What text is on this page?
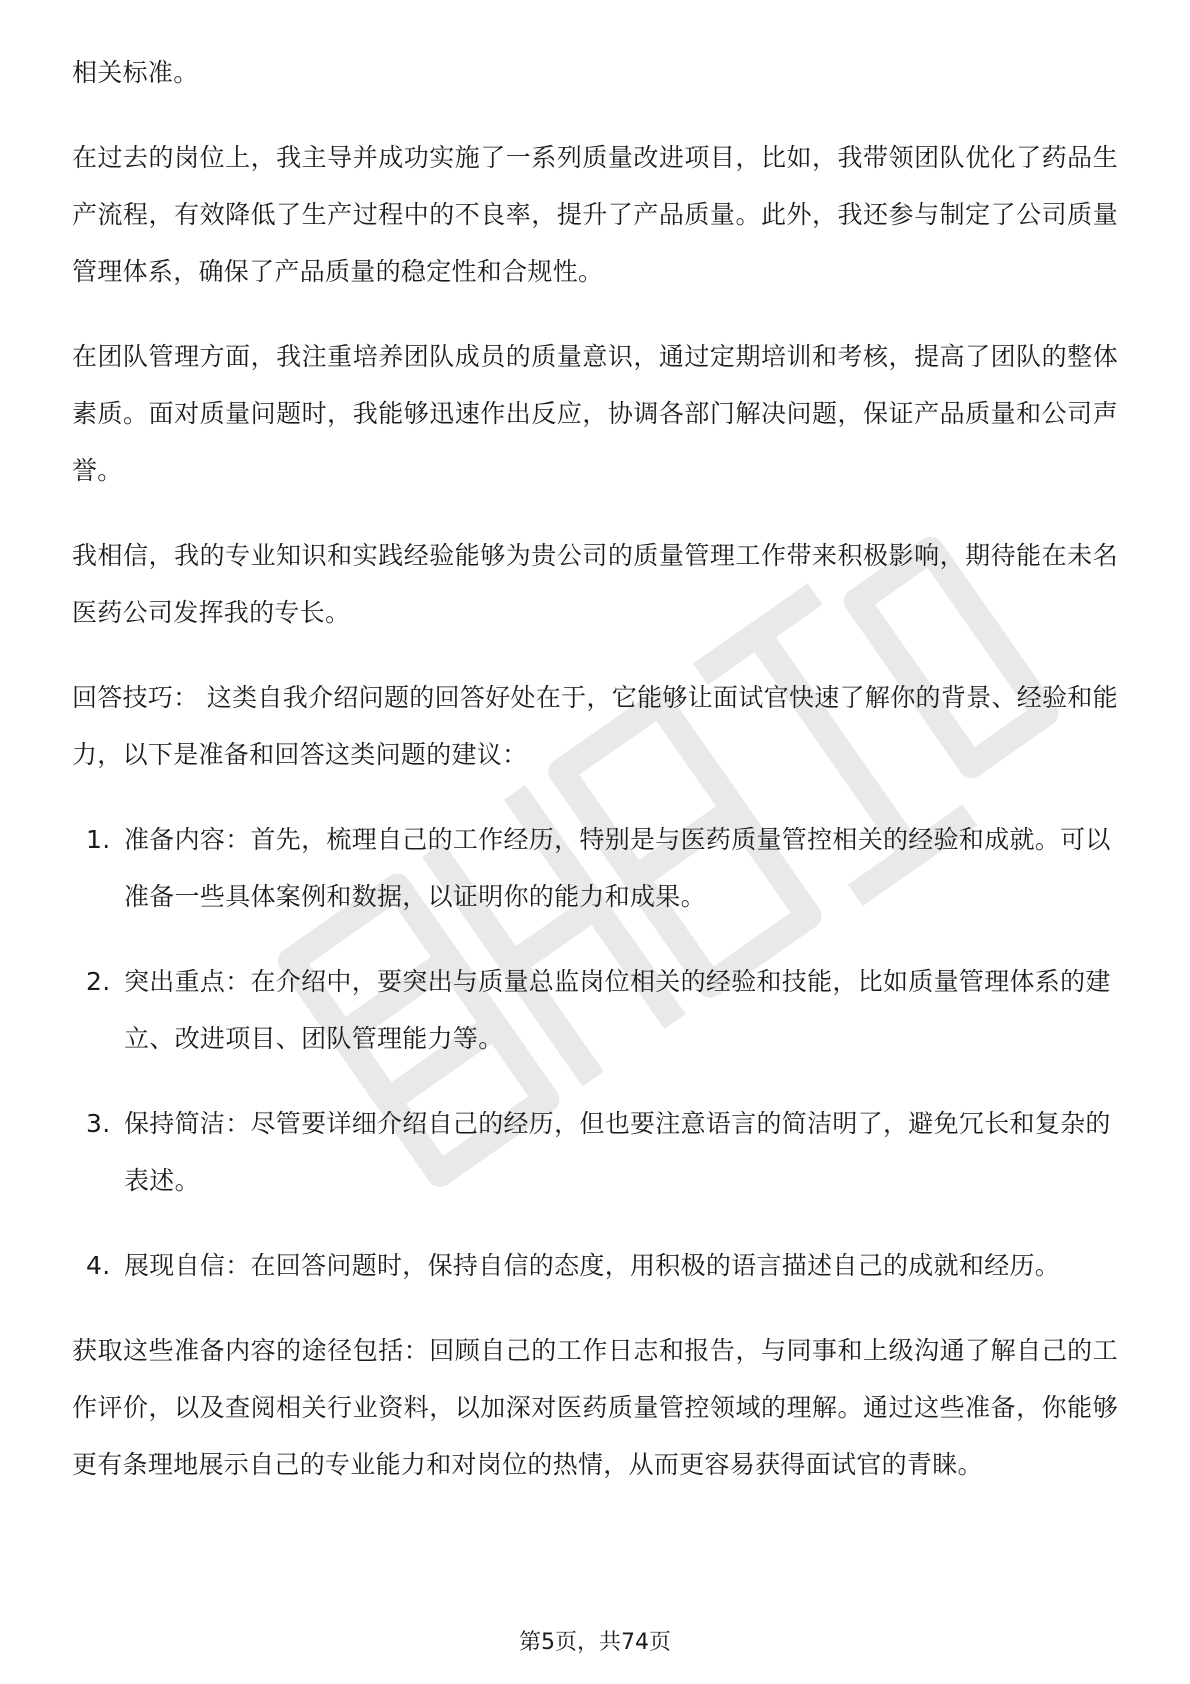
相关标准。

在过去的岗位上，我主导并成功实施了一系列质量改进项目，比如，我带领团队优化了药品生产流程，有效降低了生产过程中的不良率，提升了产品质量。此外，我还参与制定了公司质量管理体系，确保了产品质量的稳定性和合规性。

在团队管理方面，我注重培养团队成员的质量意识，通过定期培训和考核，提高了团队的整体素质。面对质量问题时，我能够迅速作出反应，协调各部门解决问题，保证产品质量和公司声誉。

我相信，我的专业知识和实践经验能够为贵公司的质量管理工作带来积极影响，期待能在未名医药公司发挥我的专长。

回答技巧： 这类自我介绍问题的回答好处在于，它能够让面试官快速了解你的背景、经验和能力，以下是准备和回答这类问题的建议：

1. 准备内容：首先，梳理自己的工作经历，特别是与医药质量管控相关的经验和成就。可以准备一些具体案例和数据，以证明你的能力和成果。
2. 突出重点：在介绍中，要突出与质量总监岗位相关的经验和技能，比如质量管理体系的建立、改进项目、团队管理能力等。
3. 保持简洁：尽管要详细介绍自己的经历，但也要注意语言的简洁明了，避免冗长和复杂的表述。
4. 展现自信：在回答问题时，保持自信的态度，用积极的语言描述自己的成就和经历。

获取这些准备内容的途径包括：回顾自己的工作日志和报告，与同事和上级沟通了解自己的工作评价，以及查阅相关行业资料，以加深对医药质量管控领域的理解。通过这些准备，你能够更有条理地展示自己的专业能力和对岗位的热情，从而更容易获得面试官的青睐。

第5页，共74页
